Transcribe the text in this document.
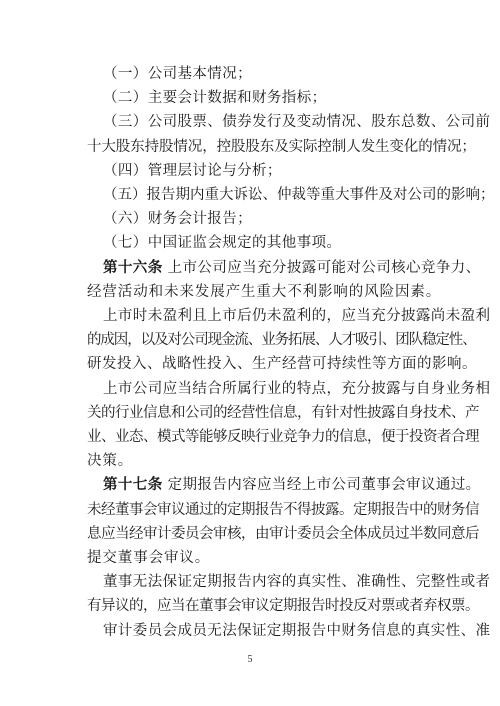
（一）公司基本情况；
（二）主要会计数据和财务指标；
（三）公司股票、债券发行及变动情况、股东总数、公司前
十大股东持股情况，控股股东及实际控制人发生变化的情况；
（四）管理层讨论与分析；
（五）报告期内重大诉讼、仲裁等重大事件及对公司的影响；
（六）财务会计报告；
（七）中国证监会规定的其他事项。
第十六条 上市公司应当充分披露可能对公司核心竞争力、
经营活动和未来发展产生重大不利影响的风险因素。
上市时未盈利且上市后仍未盈利的，应当充分披露尚未盈利
的成因，以及对公司现金流、业务拓展、人才吸引、团队稳定性、
研发投入、战略性投入、生产经营可持续性等方面的影响。
上市公司应当结合所属行业的特点，充分披露与自身业务相
关的行业信息和公司的经营性信息，有针对性披露自身技术、产
业、业态、模式等能够反映行业竞争力的信息，便于投资者合理
决策。
第十七条 定期报告内容应当经上市公司董事会审议通过。
未经董事会审议通过的定期报告不得披露。定期报告中的财务信
息应当经审计委员会审核，由审计委员会全体成员过半数同意后
提交董事会审议。
董事无法保证定期报告内容的真实性、准确性、完整性或者
有异议的，应当在董事会审议定期报告时投反对票或者弃权票。
审计委员会成员无法保证定期报告中财务信息的真实性、准
5
